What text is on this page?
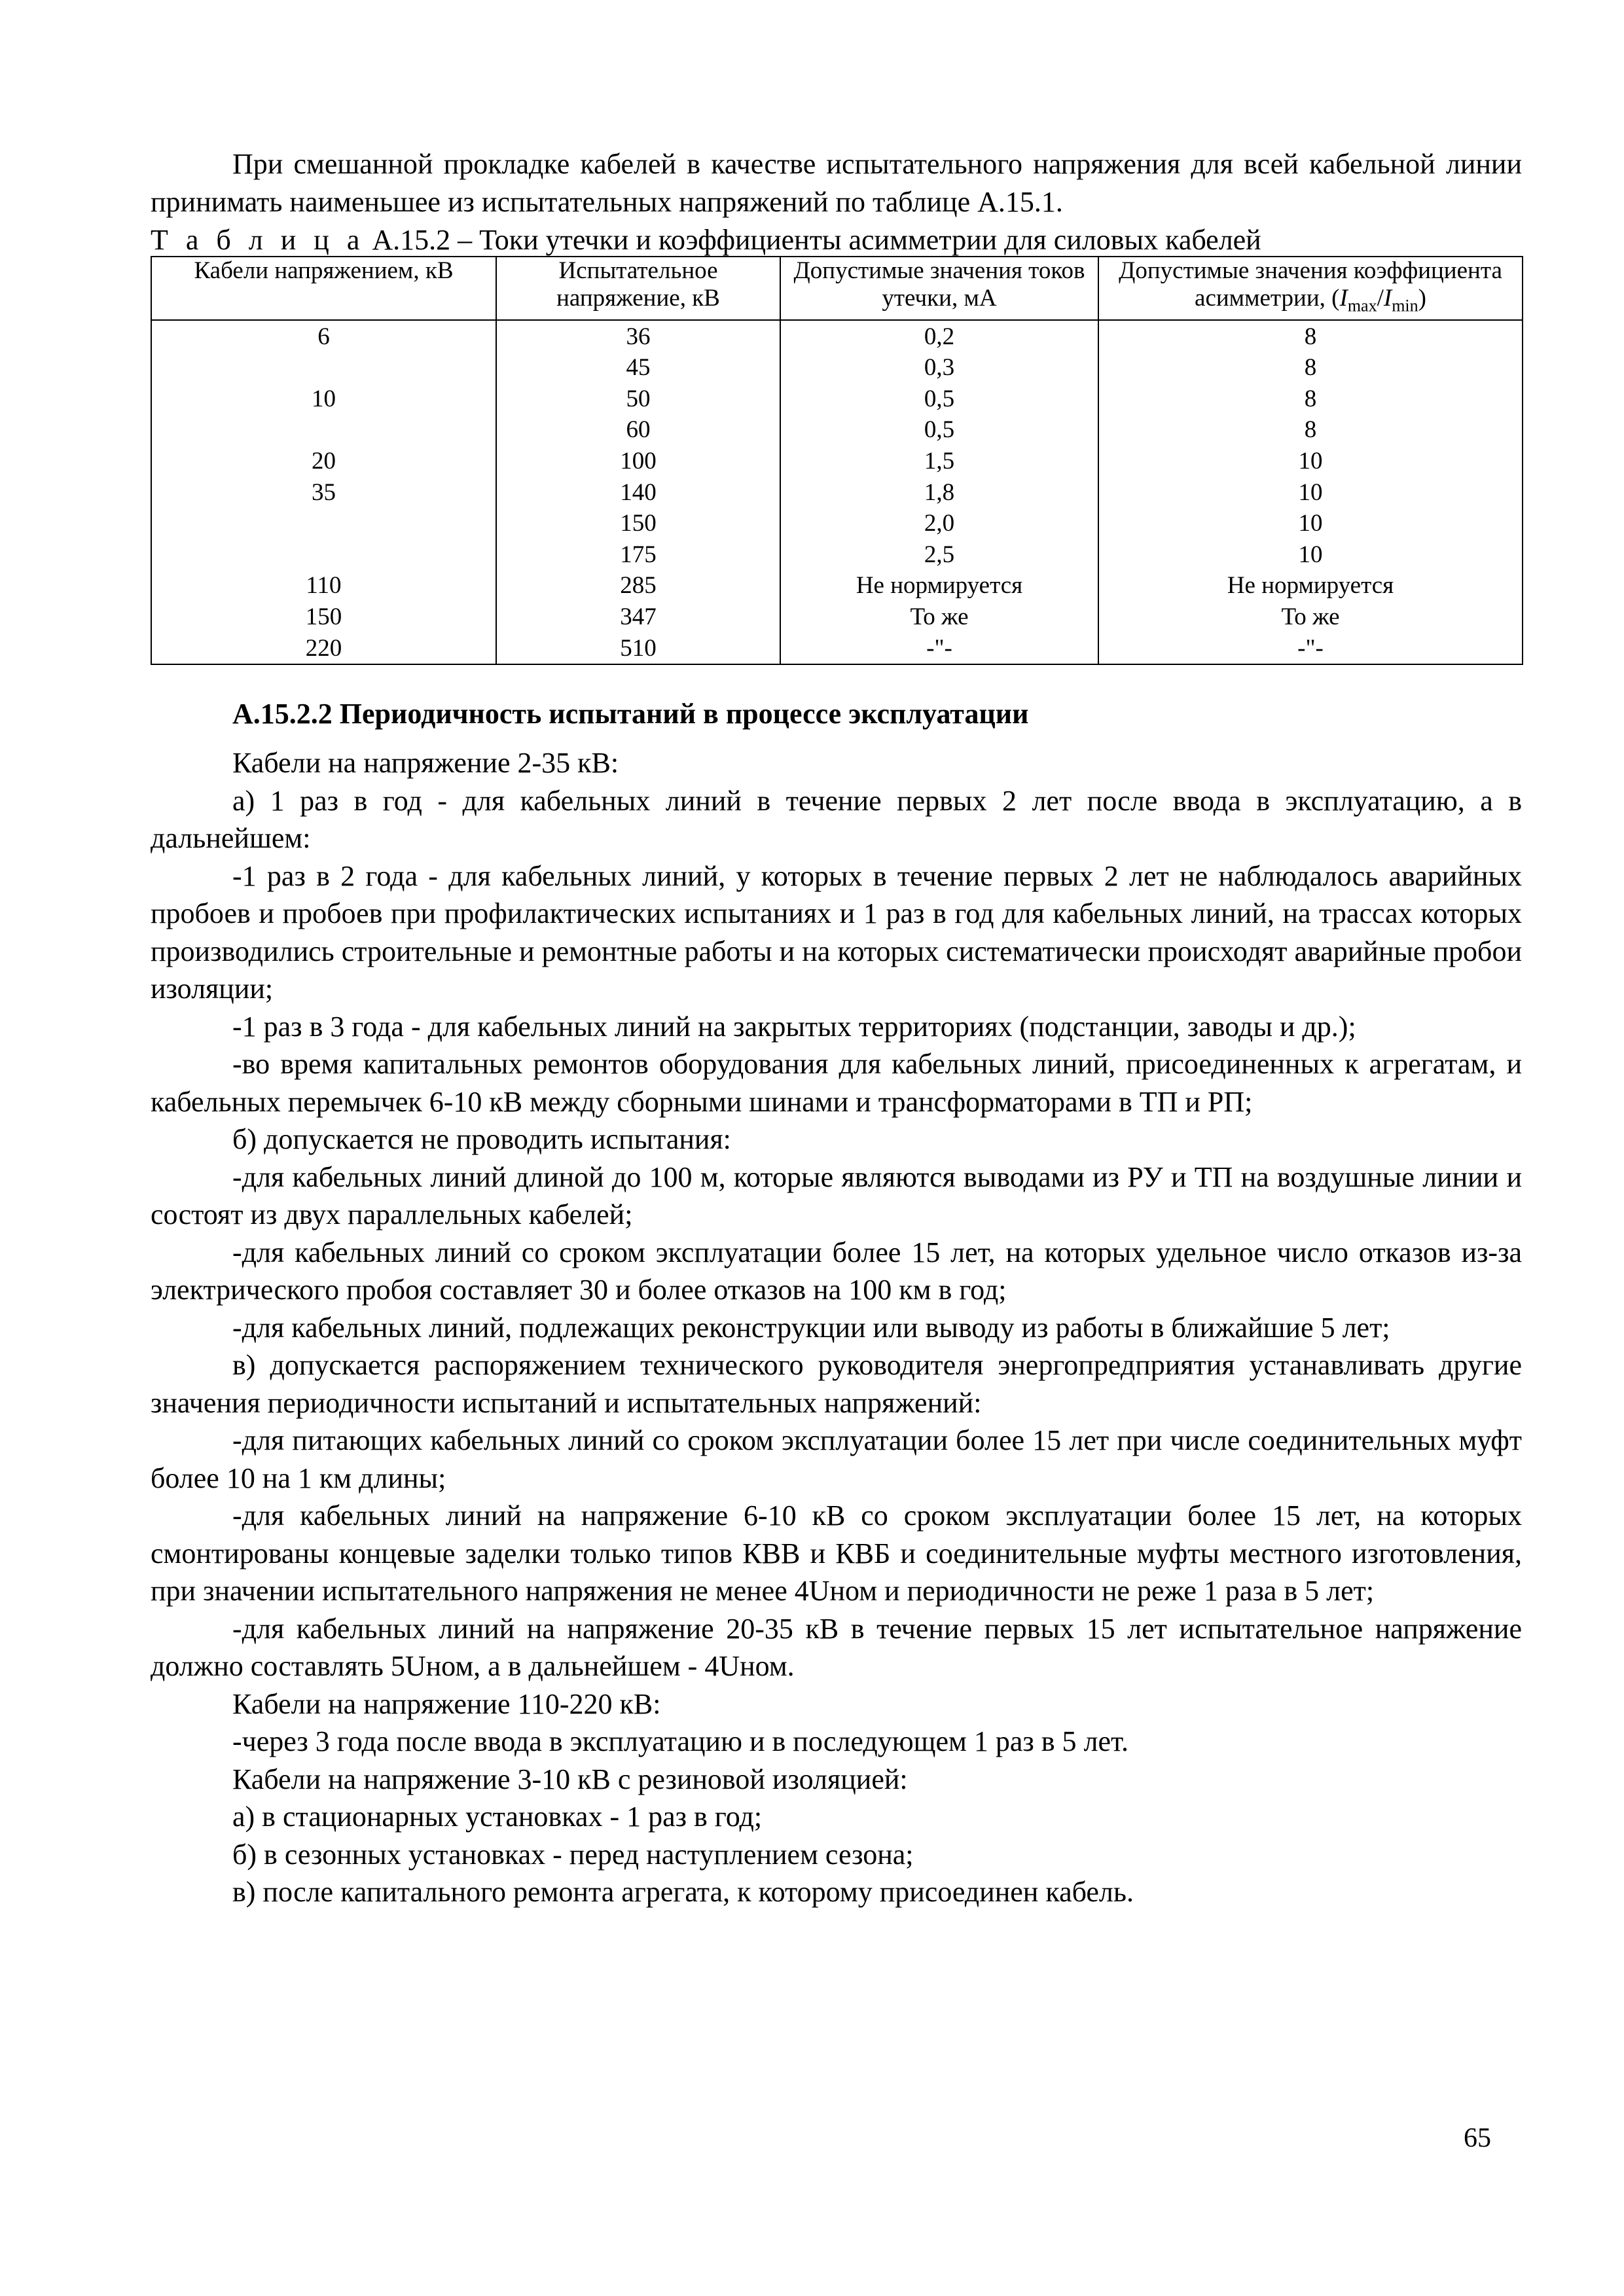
При смешанной прокладке кабелей в качестве испытательного напряжения для всей кабельной линии принимать наименьшее из испытательных напряжений по таблице А.15.1.

Т а б л и ц а А.15.2 – Токи утечки и коэффициенты асимметрии для силовых кабелей
Кабели напряжением, кВ	Испытательное напряжение, кВ	Допустимые значения токов утечки, мА	Допустимые значения коэффициента асимметрии, $(I_{max}/I_{min})$
6	36	0,2	8
	45	0,3	8
10	50	0,5	8
	60	0,5	8
20	100	1,5	10
35	140	1,8	10
	150	2,0	10
	175	2,5	10
110	285	Не нормируется	Не нормируется
150	347	То же	То же
220	510	-"-	-"-

А.15.2.2 Периодичность испытаний в процессе эксплуатации

Кабели на напряжение 2-35 кВ:

а) 1 раз в год - для кабельных линий в течение первых 2 лет после ввода в эксплуатацию, а в дальнейшем:

-1 раз в 2 года - для кабельных линий, у которых в течение первых 2 лет не наблюдалось аварийных пробоев и пробоев при профилактических испытаниях и 1 раз в год для кабельных линий, на трассах которых производились строительные и ремонтные работы и на которых систематически происходят аварийные пробои изоляции;

-1 раз в 3 года - для кабельных линий на закрытых территориях (подстанции, заводы и др.);

-во время капитальных ремонтов оборудования для кабельных линий, присоединенных к агрегатам, и кабельных перемычек 6-10 кВ между сборными шинами и трансформаторами в ТП и РП;

б) допускается не проводить испытания:

-для кабельных линий длиной до 100 м, которые являются выводами из РУ и ТП на воздушные линии и состоят из двух параллельных кабелей;

-для кабельных линий со сроком эксплуатации более 15 лет, на которых удельное число отказов из-за электрического пробоя составляет 30 и более отказов на 100 км в год;

-для кабельных линий, подлежащих реконструкции или выводу из работы в ближайшие 5 лет;

в) допускается распоряжением технического руководителя энергопредприятия устанавливать другие значения периодичности испытаний и испытательных напряжений:

-для питающих кабельных линий со сроком эксплуатации более 15 лет при числе соединительных муфт более 10 на 1 км длины;

-для кабельных линий на напряжение 6-10 кВ со сроком эксплуатации более 15 лет, на которых смонтированы концевые заделки только типов КВВ и КВБ и соединительные муфты местного изготовления, при значении испытательного напряжения не менее 4Uном и периодичности не реже 1 раза в 5 лет;

-для кабельных линий на напряжение 20-35 кВ в течение первых 15 лет испытательное напряжение должно составлять 5Uном, а в дальнейшем - 4Uном.

Кабели на напряжение 110-220 кВ:

-через 3 года после ввода в эксплуатацию и в последующем 1 раз в 5 лет.

Кабели на напряжение 3-10 кВ с резиновой изоляцией:

а) в стационарных установках - 1 раз в год;

б) в сезонных установках - перед наступлением сезона;

в) после капитального ремонта агрегата, к которому присоединен кабель.

65
